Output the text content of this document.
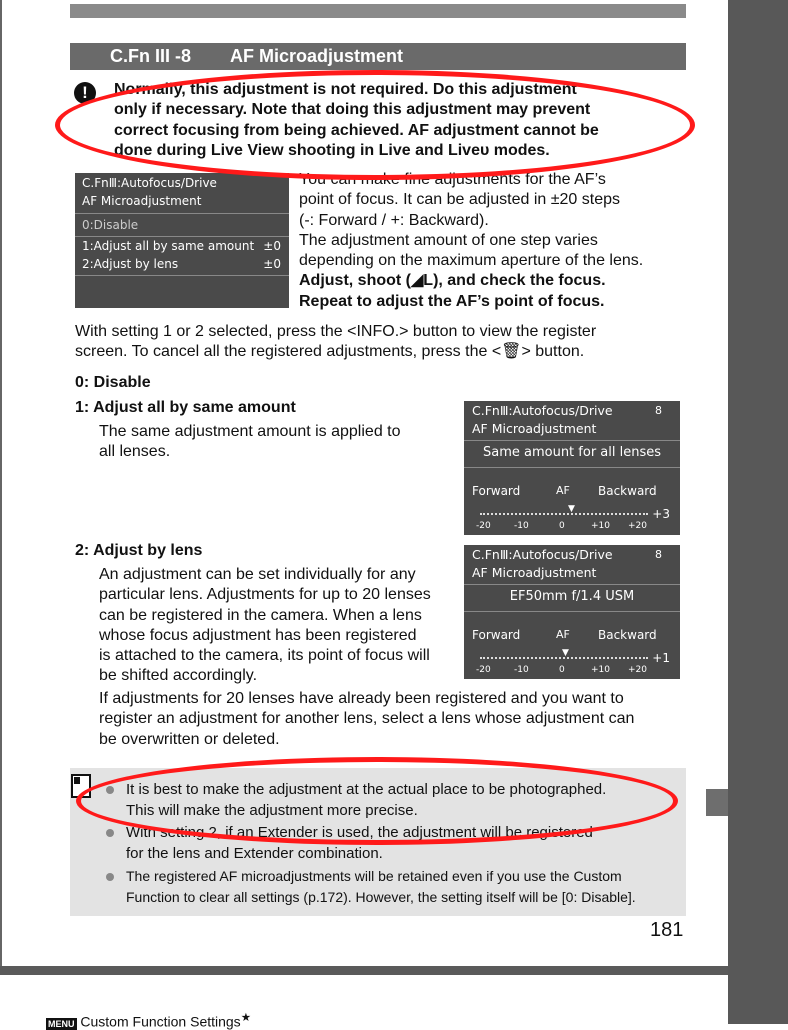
C.Fn III -8 AF Microadjustment
!	Normally, this adjustment is not required. Do this adjustment
only if necessary. Note that doing this adjustment may prevent
correct focusing from being achieved. AF adjustment cannot be
done during Live View shooting in Live and Liveᴜ modes.
C.FnⅢ:Autofocus/Drive
AF Microadjustment
0:Disable
1:Adjust all by same amount ±0
2:Adjust by lens	±0
You can make fine adjustments for the AF’s
point of focus. It can be adjusted in ±20 steps
(-: Forward / +: Backward).
The adjustment amount of one step varies
depending on the maximum aperture of the lens.
Adjust, shoot (◢L), and check the focus.
Repeat to adjust the AF’s point of focus.
With setting 1 or 2 selected, press the <INFO.> button to view the register
screen. To cancel all the registered adjustments, press the <🗑> button.
0: Disable
1: Adjust all by same amount
The same adjustment amount is applied to
all lenses.
C.FnⅢ:Autofocus/Drive	8
AF Microadjustment
Same amount for all lenses
Forward	AF Backward
▼	+3
-20	-10	0	+10 +20
2: Adjust by lens
An adjustment can be set individually for any
particular lens. Adjustments for up to 20 lenses
can be registered in the camera. When a lens
whose focus adjustment has been registered
is attached to the camera, its point of focus will
be shifted accordingly.
If adjustments for 20 lenses have already been registered and you want to
register an adjustment for another lens, select a lens whose adjustment can
be overwritten or deleted.
C.FnⅢ:Autofocus/Drive	8
AF Microadjustment
EF50mm f/1.4 USM
Forward	AF Backward
▼	+1
-20	-10	0	+10 +20
It is best to make the adjustment at the actual place to be photographed.
This will make the adjustment more precise.
With setting 2, if an Extender is used, the adjustment will be registered
for the lens and Extender combination.
The registered AF microadjustments will be retained even if you use the Custom
Function to clear all settings (p.172). However, the setting itself will be [0: Disable].
181
MENU Custom Function Settings★
